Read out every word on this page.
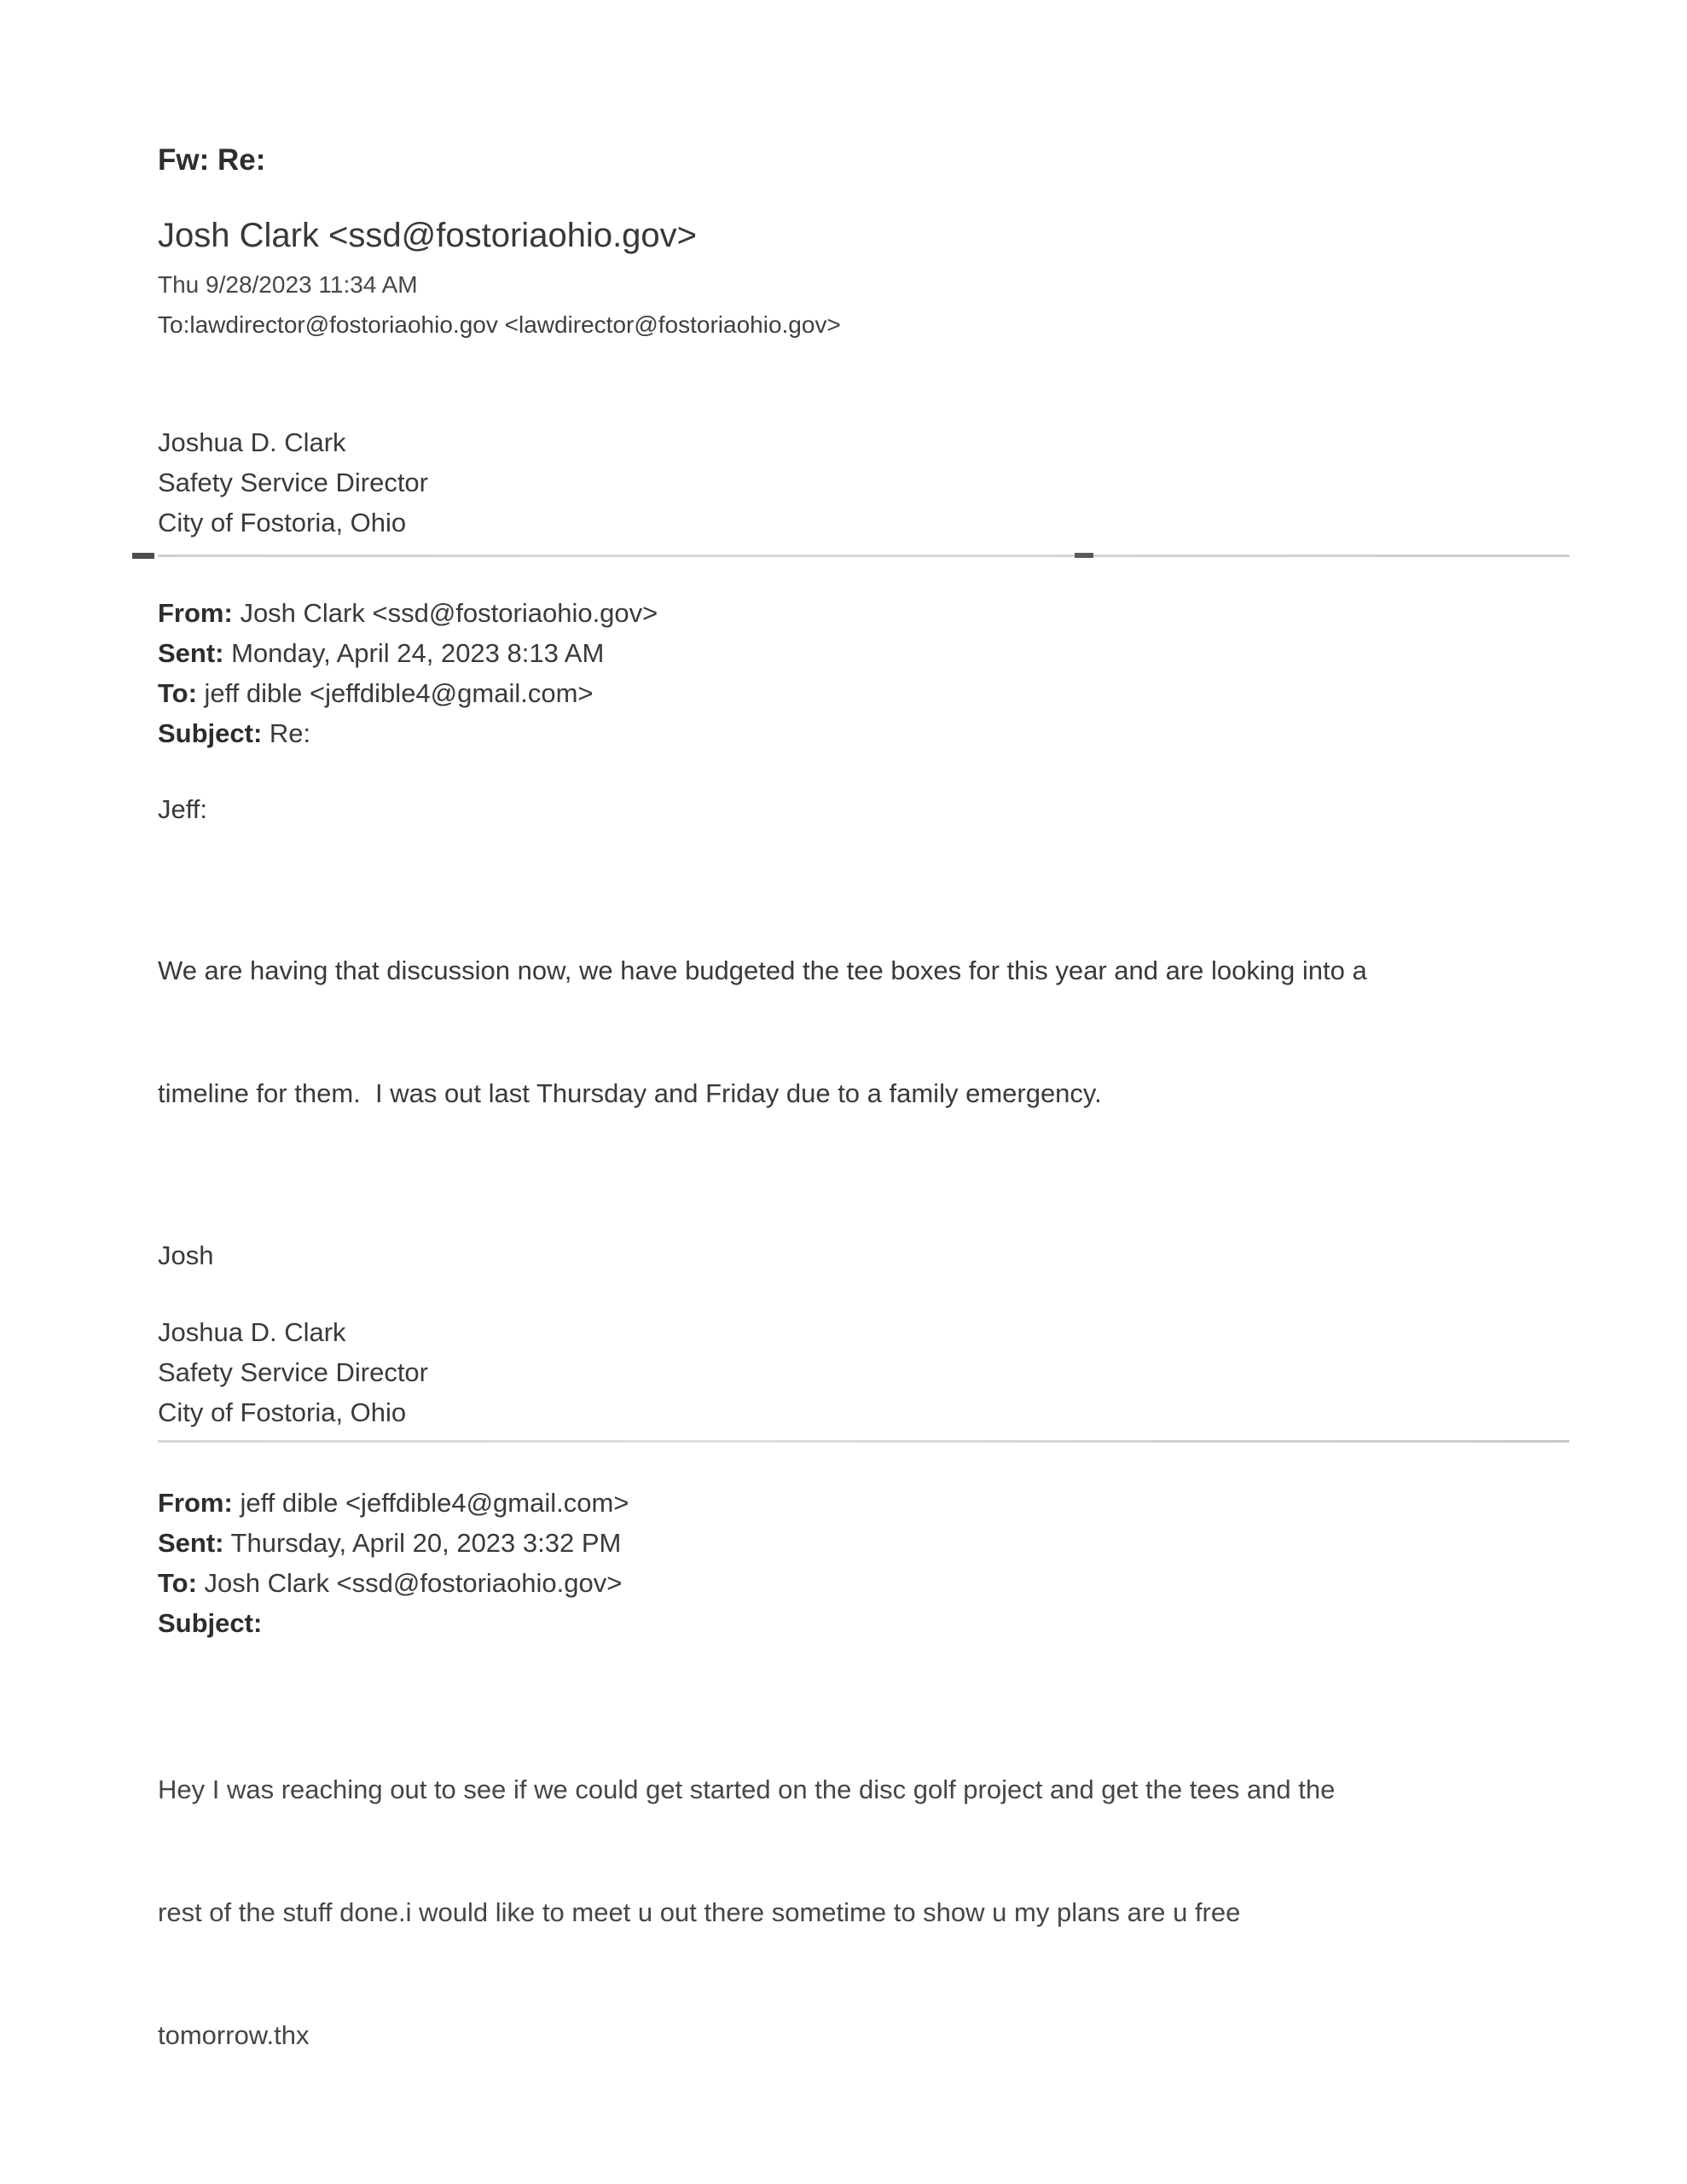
Fw: Re:
Josh Clark <ssd@fostoriaohio.gov>
Thu 9/28/2023 11:34 AM
To:lawdirector@fostoriaohio.gov <lawdirector@fostoriaohio.gov>
Joshua D. Clark
Safety Service Director
City of Fostoria, Ohio
From: Josh Clark <ssd@fostoriaohio.gov>
Sent: Monday, April 24, 2023 8:13 AM
To: jeff dible <jeffdible4@gmail.com>
Subject: Re:
Jeff:

We are having that discussion now, we have budgeted the tee boxes for this year and are looking into a

timeline for them.  I was out last Thursday and Friday due to a family emergency.

Josh
Joshua D. Clark
Safety Service Director
City of Fostoria, Ohio
From: jeff dible <jeffdible4@gmail.com>
Sent: Thursday, April 20, 2023 3:32 PM
To: Josh Clark <ssd@fostoriaohio.gov>
Subject:

Hey I was reaching out to see if we could get started on the disc golf project and get the tees and the

rest of the stuff done.i would like to meet u out there sometime to show u my plans are u free

tomorrow.thx
